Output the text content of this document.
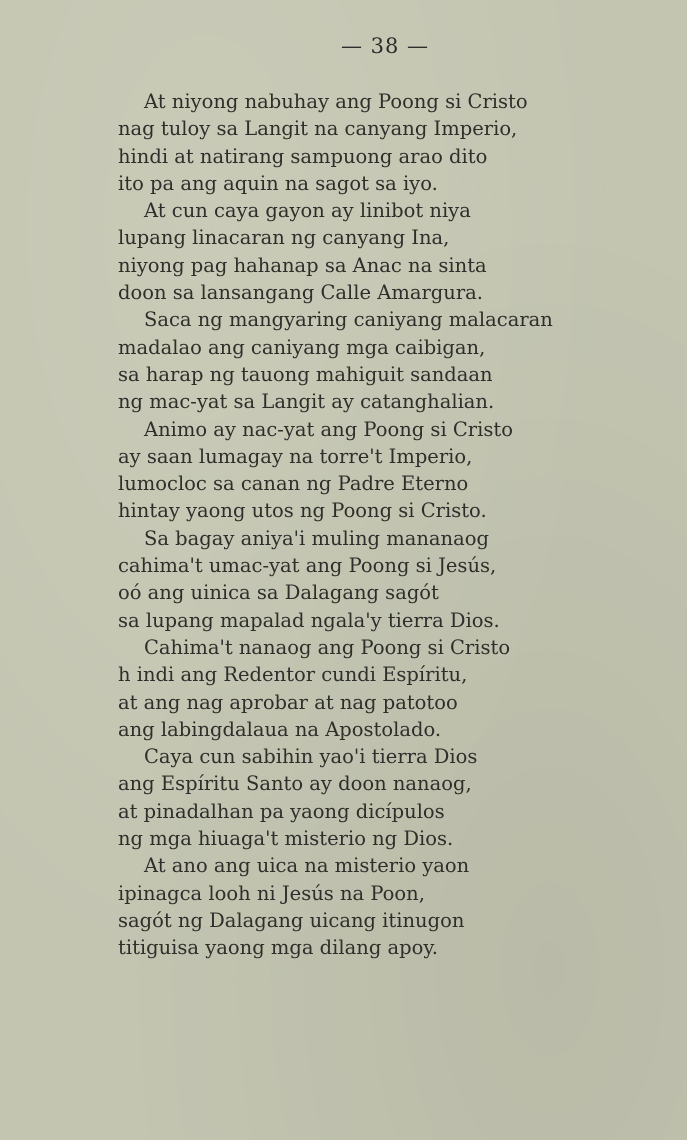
— 38 —
At niyong nabuhay ang Poong si Cristo
nag tuloy sa Langit na canyang Imperio,
hindi at natirang sampuong arao dito
ito pa ang aquin na sagot sa iyo.
At cun caya gayon ay linibot niya
lupang linacaran ng canyang Ina,
niyong pag hahanap sa Anac na sinta
doon sa lansangang Calle Amargura.
Saca ng mangyaring caniyang malacaran
madalao ang caniyang mga caibigan,
sa harap ng tauong mahiguit sandaan
ng mac-yat sa Langit ay catanghalian.
Animo ay nac-yat ang Poong si Cristo
ay saan lumagay na torre't Imperio,
lumocloc sa canan ng Padre Eterno
hintay yaong utos ng Poong si Cristo.
Sa bagay aniya'i muling mananaog
cahima't umac-yat ang Poong si Jesús,
oó ang uinica sa Dalagang sagót
sa lupang mapalad ngala'y tierra Dios.
Cahima't nanaog ang Poong si Cristo
h indi ang Redentor cundi Espíritu,
at ang nag aprobar at nag patotoo
ang labingdalaua na Apostolado.
Caya cun sabihin yao'i tierra Dios
ang Espíritu Santo ay doon nanaog,
at pinadalhan pa yaong dicípulos
ng mga hiuaga't misterio ng Dios.
At ano ang uica na misterio yaon
ipinagca looh ni Jesús na Poon,
sagót ng Dalagang uicang itinugon
titiguisa yaong mga dilang apoy.
